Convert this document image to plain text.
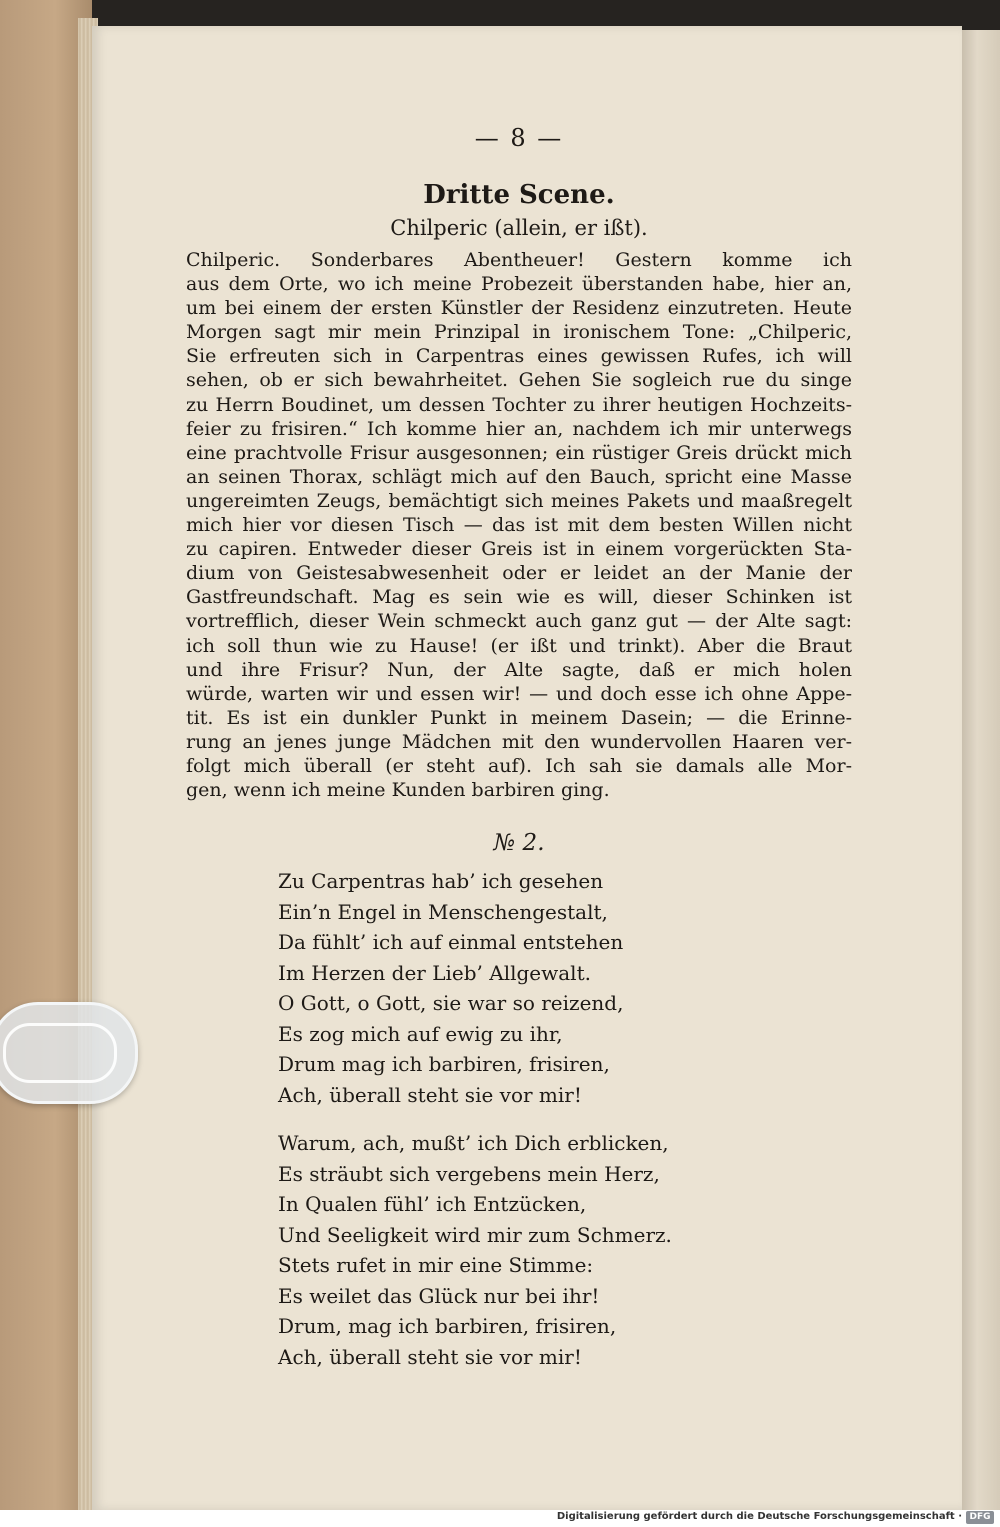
— 8 —
Dritte Scene.
Chilperic (allein, er ißt).
Chilperic. Sonderbares Abentheuer! Gestern komme ich
aus dem Orte, wo ich meine Probezeit überstanden habe, hier an,
um bei einem der ersten Künstler der Residenz einzutreten. Heute
Morgen sagt mir mein Prinzipal in ironischem Tone: „Chilperic,
Sie erfreuten sich in Carpentras eines gewissen Rufes, ich will
sehen, ob er sich bewahrheitet. Gehen Sie sogleich rue du singe
zu Herrn Boudinet, um dessen Tochter zu ihrer heutigen Hochzeits-
feier zu frisiren.“ Ich komme hier an, nachdem ich mir unterwegs
eine prachtvolle Frisur ausgesonnen; ein rüstiger Greis drückt mich
an seinen Thorax, schlägt mich auf den Bauch, spricht eine Masse
ungereimten Zeugs, bemächtigt sich meines Pakets und maaßregelt
mich hier vor diesen Tisch — das ist mit dem besten Willen nicht
zu capiren. Entweder dieser Greis ist in einem vorgerückten Sta-
dium von Geistesabwesenheit oder er leidet an der Manie der
Gastfreundschaft. Mag es sein wie es will, dieser Schinken ist
vortrefflich, dieser Wein schmeckt auch ganz gut — der Alte sagt:
ich soll thun wie zu Hause! (er ißt und trinkt). Aber die Braut
und ihre Frisur? Nun, der Alte sagte, daß er mich holen
würde, warten wir und essen wir! — und doch esse ich ohne Appe-
tit. Es ist ein dunkler Punkt in meinem Dasein; — die Erinne-
rung an jenes junge Mädchen mit den wundervollen Haaren ver-
folgt mich überall (er steht auf). Ich sah sie damals alle Mor-
gen, wenn ich meine Kunden barbiren ging.
№ 2.
Zu Carpentras hab’ ich gesehen
Ein’n Engel in Menschengestalt,
Da fühlt’ ich auf einmal entstehen
Im Herzen der Lieb’ Allgewalt.
O Gott, o Gott, sie war so reizend,
Es zog mich auf ewig zu ihr,
Drum mag ich barbiren, frisiren,
Ach, überall steht sie vor mir!
Warum, ach, mußt’ ich Dich erblicken,
Es sträubt sich vergebens mein Herz,
In Qualen fühl’ ich Entzücken,
Und Seeligkeit wird mir zum Schmerz.
Stets rufet in mir eine Stimme:
Es weilet das Glück nur bei ihr!
Drum, mag ich barbiren, frisiren,
Ach, überall steht sie vor mir!
Digitalisierung gefördert durch die Deutsche Forschungsgemeinschaft · DFG
